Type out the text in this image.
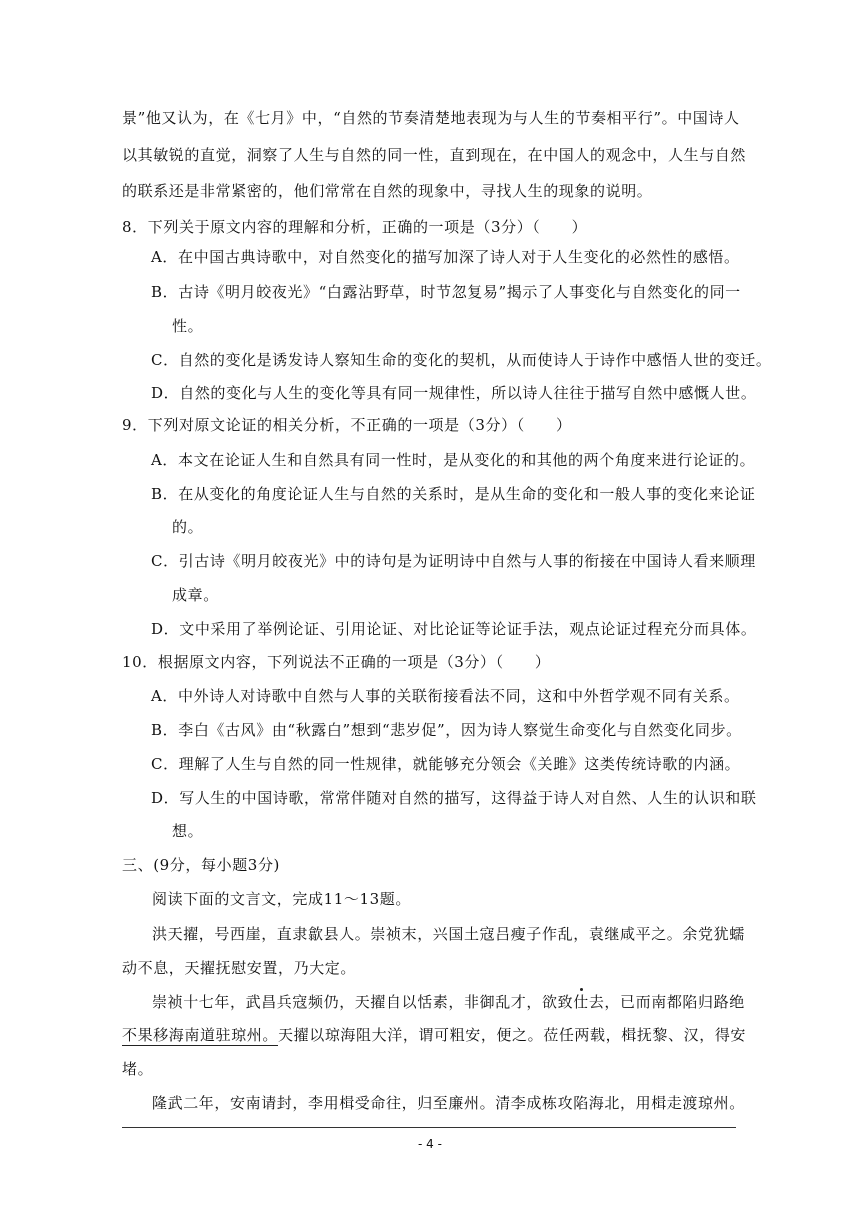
景”他又认为，在《七月》中，“自然的节奏清楚地表现为与人生的节奏相平行”。中国诗人
以其敏锐的直觉，洞察了人生与自然的同一性，直到现在，在中国人的观念中，人生与自然
的联系还是非常紧密的，他们常常在自然的现象中，寻找人生的现象的说明。
8．下列关于原文内容的理解和分析，正确的一项是（3分）（　　）
A．在中国古典诗歌中，对自然变化的描写加深了诗人对于人生变化的必然性的感悟。
B．古诗《明月皎夜光》“白露沾野草，时节忽复易”揭示了人事变化与自然变化的同一
性。
C．自然的变化是诱发诗人察知生命的变化的契机，从而使诗人于诗作中感悟人世的变迁。
D．自然的变化与人生的变化等具有同一规律性，所以诗人往往于描写自然中感慨人世。
9．下列对原文论证的相关分析，不正确的一项是（3分）（　　）
A．本文在论证人生和自然具有同一性时，是从变化的和其他的两个角度来进行论证的。
B．在从变化的角度论证人生与自然的关系时，是从生命的变化和一般人事的变化来论证
的。
C．引古诗《明月皎夜光》中的诗句是为证明诗中自然与人事的衔接在中国诗人看来顺理
成章。
D．文中采用了举例论证、引用论证、对比论证等论证手法，观点论证过程充分而具体。
10．根据原文内容，下列说法不正确的一项是（3分）（　　）
A．中外诗人对诗歌中自然与人事的关联衔接看法不同，这和中外哲学观不同有关系。
B．李白《古风》由“秋露白”想到“悲岁促”，因为诗人察觉生命变化与自然变化同步。
C．理解了人生与自然的同一性规律，就能够充分领会《关雎》这类传统诗歌的内涵。
D．写人生的中国诗歌，常常伴随对自然的描写，这得益于诗人对自然、人生的认识和联
想。
三、(9分，每小题3分)
阅读下面的文言文，完成11～13题。
洪天擢，号西崖，直隶歙县人。崇祯末，兴国土寇吕瘦子作乱，袁继咸平之。余党犹蠕
动不息，天擢抚慰安置，乃大定。
崇祯十七年，武昌兵寇频仍，天擢自以恬素，非御乱才，欲致仕去，已而南都陷归路绝
不果移海南道驻琼州。天擢以琼海阻大洋，谓可粗安，便之。莅任两载，楫抚黎、汉，得安
堵。
隆武二年，安南请封，李用楫受命往，归至廉州。清李成栋攻陷海北，用楫走渡琼州。
- 4 -
